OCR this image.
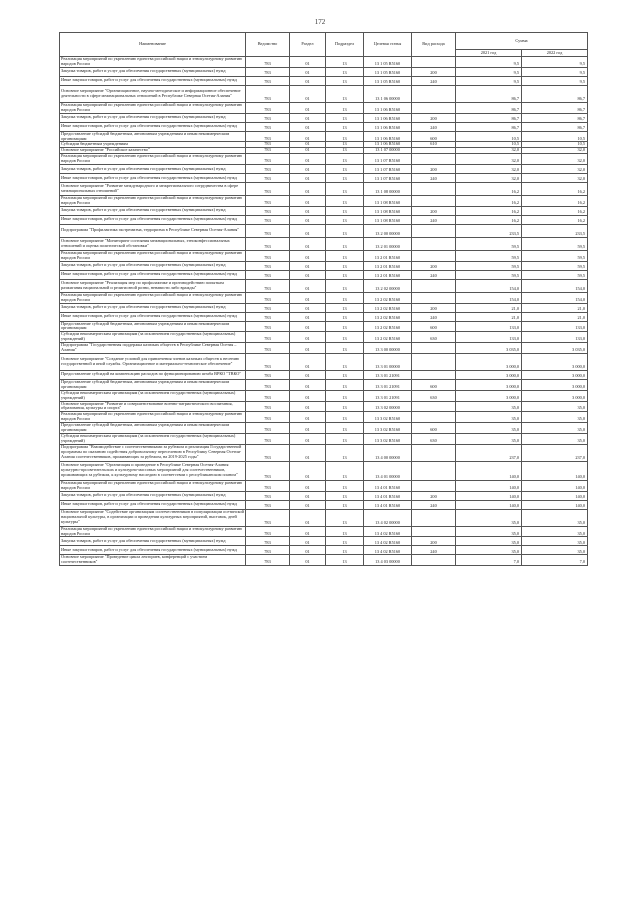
172
Наименование	Ведомство	Раздел	Подраздел	Целевая статья	Вид расхода	Сумма	
						2021 год	2022 год
Реализация мероприятий по укреплению единства российской нации и этнокультурному развитию народов России	783	01	13	13 1 05 R5160		9,5	9,5
Закупка товаров, работ и услуг для обеспечения государственных (муниципальных) нужд	783	01	13	13 1 05 R5160	200	9,5	9,5
Иные закупки товаров, работ и услуг для обеспечения государственных (муниципальных) нужд	783	01	13	13 1 05 R5160	240	9,5	9,5
Основное мероприятие "Организационное, научно-методическое и информационное обеспечение деятельности в сфере межнациональных отношений в Республике Северная Осетия-Алания"	783	01	13	13 1 06 00000		86,7	86,7
Реализация мероприятий по укреплению единства российской нации и этнокультурному развитию народов России	783	01	13	13 1 06 R5160		86,7	86,7
Закупка товаров, работ и услуг для обеспечения государственных (муниципальных) нужд	783	01	13	13 1 06 R5160	200	86,7	86,7
Иные закупки товаров, работ и услуг для обеспечения государственных (муниципальных) нужд	783	01	13	13 1 06 R5160	240	86,7	86,7
Предоставление субсидий бюджетным, автономным учреждениям и иным некоммерческим организациям	783	01	13	13 1 06 R5160	600	10,5	10,5
Субсидии бюджетным учреждениям	783	01	13	13 1 06 R5160	610	10,5	10,5
Основное мероприятие "Российское казачество"	783	01	13	13 1 07 00000		32,0	32,0
Реализация мероприятий по укреплению единства российской нации и этнокультурному развитию народов России	783	01	13	13 1 07 R5160		32,0	32,0
Закупка товаров, работ и услуг для обеспечения государственных (муниципальных) нужд	783	01	13	13 1 07 R5160	200	32,0	32,0
Иные закупки товаров, работ и услуг для обеспечения государственных (муниципальных) нужд	783	01	13	13 1 07 R5160	240	32,0	32,0
Основное мероприятие "Развитие международного и межрегионального сотрудничества в сфере межнациональных отношений"	783	01	13	13 1 08 00000		16,2	16,2
Реализация мероприятий по укреплению единства российской нации и этнокультурному развитию народов России	783	01	13	13 1 08 R5160		16,2	16,2
Закупка товаров, работ и услуг для обеспечения государственных (муниципальных) нужд	783	01	13	13 1 08 R5160	200	16,2	16,2
Иные закупки товаров, работ и услуг для обеспечения государственных (муниципальных) нужд	783	01	13	13 1 08 R5160	240	16,2	16,2
Подпрограмма "Профилактика экстремизма, терроризма в Республике Северная Осетия-Алания"	783	01	13	13 2 00 00000		233,5	233,5
Основное мероприятие "Мониторинг состояния межнациональных, этноконфессиональных отношений и оценка политической обстановки"	783	01	13	13 2 01 00000		59,5	59,5
Реализация мероприятий по укреплению единства российской нации и этнокультурному развитию народов России	783	01	13	13 2 01 R5160		59,5	59,5
Закупка товаров, работ и услуг для обеспечения государственных (муниципальных) нужд	783	01	13	13 2 01 R5160	200	59,5	59,5
Иные закупки товаров, работ и услуг для обеспечения государственных (муниципальных) нужд	783	01	13	13 2 01 R5160	240	59,5	59,5
Основное мероприятие "Реализация мер по профилактике и противодействию попыткам разжигания национальной и религиозной розни, ненависти либо вражды"	783	01	13	13 2 02 00000		154,0	154,0
Реализация мероприятий по укреплению единства российской нации и этнокультурному развитию народов России	783	01	13	13 2 02 R5160		154,0	154,0
Закупка товаров, работ и услуг для обеспечения государственных (муниципальных) нужд	783	01	13	13 2 02 R5160	200	21,0	21,0
Иные закупки товаров, работ и услуг для обеспечения государственных (муниципальных) нужд	783	01	13	13 2 02 R5160	240	21,0	21,0
Предоставление субсидий бюджетным, автономным учреждениям и иным некоммерческим организациям	783	01	13	13 2 02 R5160	600	133,0	133,0
Субсидии некоммерческим организациям (за исключением государственных (муниципальных) учреждений)	783	01	13	13 2 02 R5160	630	133,0	133,0
Подпрограмма "Государственная поддержка казачьих обществ в Республике Северная Осетия – Алания"	783	01	13	13 3 00 00000		3 035,0	3 035,0
Основное мероприятие "Создание условий для привлечения членов казачьих обществ к несению государственной и иной службы. Организационное и материально-техническое обеспечение"	783	01	13	13 3 01 00000		3 000,0	3 000,0
Предоставление субсидий на компенсацию расходов по функционированию штаба ВРКО "ТВКО"	783	01	13	13 3 01 21091		3 000,0	3 000,0
Предоставление субсидий бюджетным, автономным учреждениям и иным некоммерческим организациям	783	01	13	13 3 01 21091	600	3 000,0	3 000,0
Субсидии некоммерческим организациям (за исключением государственных (муниципальных) учреждений)	783	01	13	13 3 01 21091	630	3 000,0	3 000,0
Основное мероприятие "Развитие и совершенствование военно-патриотического воспитания, образования, культуры и спорта"	783	01	13	13 3 02 00000		35,0	35,0
Реализация мероприятий по укреплению единства российской нации и этнокультурному развитию народов России	783	01	13	13 3 02 R5160		35,0	35,0
Предоставление субсидий бюджетным, автономным учреждениям и иным некоммерческим организациям	783	01	13	13 3 02 R5160	600	35,0	35,0
Субсидии некоммерческим организациям (за исключением государственных (муниципальных) учреждений)	783	01	13	13 3 02 R5160	630	35,0	35,0
Подпрограмма "Взаимодействие с соотечественниками за рубежом и реализация Государственной программы по оказанию содействия добровольному переселению в Республику Северная Осетия-Алания соотечественников, проживающих за рубежом, на 2019-2025 годы"	783	01	13	13 4 00 00000		237,0	237,0
Основное мероприятие "Организация и проведение в Республике Северная Осетия-Алания культурно-просветительских и культурно-массовых мероприятий для соотечественников, проживающих за рубежом, к культурному наследию в соответствии с республиканским планом"	783	01	13	13 4 01 00000		140,0	140,0
Реализация мероприятий по укреплению единства российской нации и этнокультурному развитию народов России	783	01	13	13 4 01 R5160		140,0	140,0
Закупка товаров, работ и услуг для обеспечения государственных (муниципальных) нужд	783	01	13	13 4 01 R5160	200	140,0	140,0
Иные закупки товаров, работ и услуг для обеспечения государственных (муниципальных) нужд	783	01	13	13 4 01 R5160	240	140,0	140,0
Основное мероприятие "Содействие организациям соотечественников в популяризации осетинской национальной культуры, в организации и проведении культурных мероприятий, выставок, дней культуры"	783	01	13	13 4 02 00000		35,0	35,0
Реализация мероприятий по укреплению единства российской нации и этнокультурному развитию народов России	783	01	13	13 4 02 R5160		35,0	35,0
Закупка товаров, работ и услуг для обеспечения государственных (муниципальных) нужд	783	01	13	13 4 02 R5160	200	35,0	35,0
Иные закупки товаров, работ и услуг для обеспечения государственных (муниципальных) нужд	783	01	13	13 4 02 R5160	240	35,0	35,0
Основное мероприятие "Проведение цикла лекториев, конференций с участием соотечественников"	783	01	13	13 4 03 00000		7,0	7,0
